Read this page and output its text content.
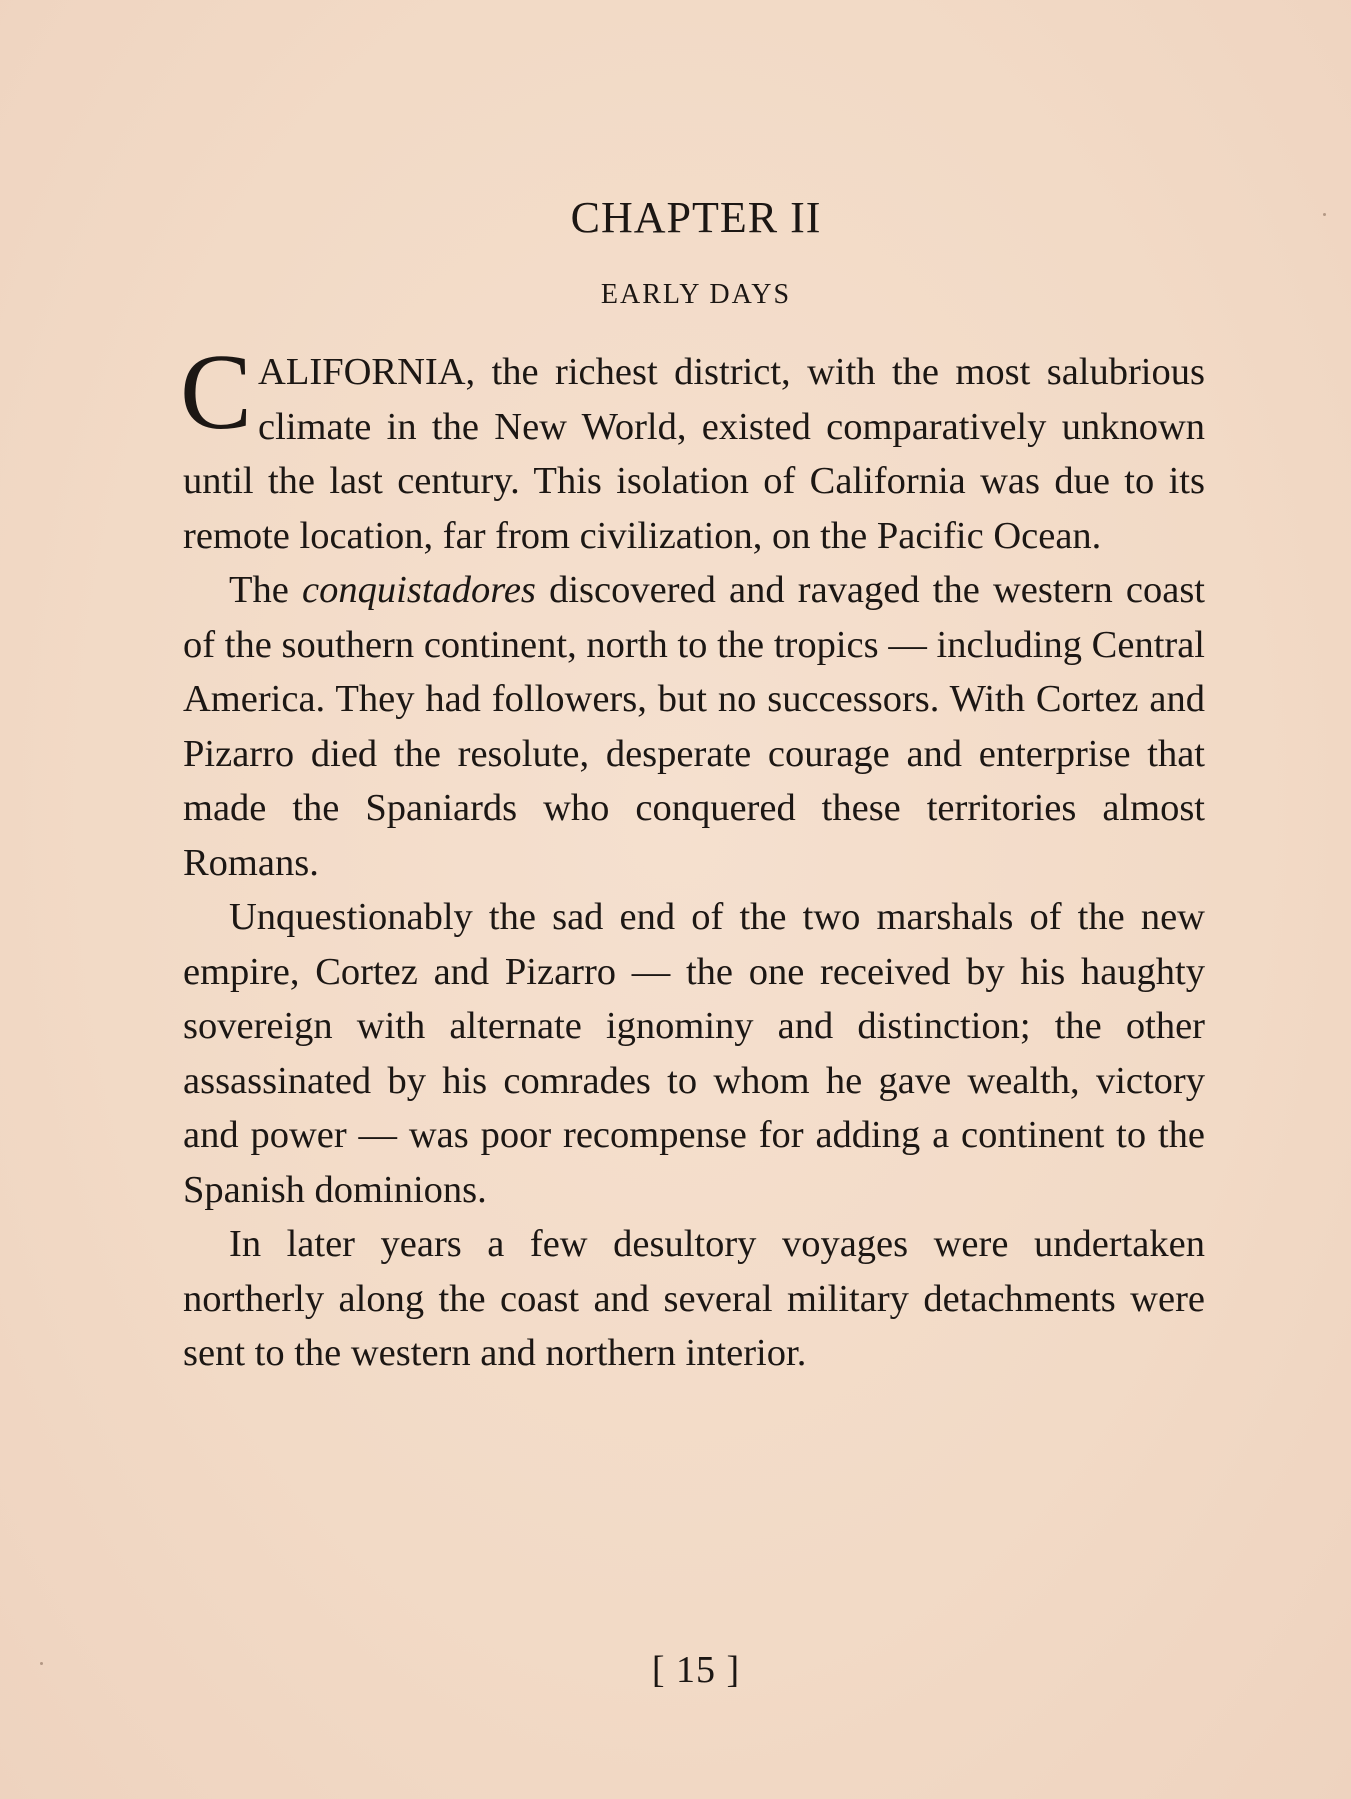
CHAPTER II
EARLY DAYS

CALIFORNIA, the richest district, with the most salubrious climate in the New World, existed comparatively unknown until the last century. This isolation of California was due to its remote location, far from civilization, on the Pacific Ocean.

The conquistadores discovered and ravaged the western coast of the southern continent, north to the tropics — including Central America. They had followers, but no successors. With Cortez and Pizarro died the resolute, desperate courage and enterprise that made the Spaniards who conquered these territories almost Romans.

Unquestionably the sad end of the two marshals of the new empire, Cortez and Pizarro — the one received by his haughty sovereign with alternate ignominy and distinction; the other assassinated by his comrades to whom he gave wealth, victory and power — was poor recompense for adding a continent to the Spanish dominions.

In later years a few desultory voyages were undertaken northerly along the coast and several military detachments were sent to the western and northern interior.

[ 15 ]
